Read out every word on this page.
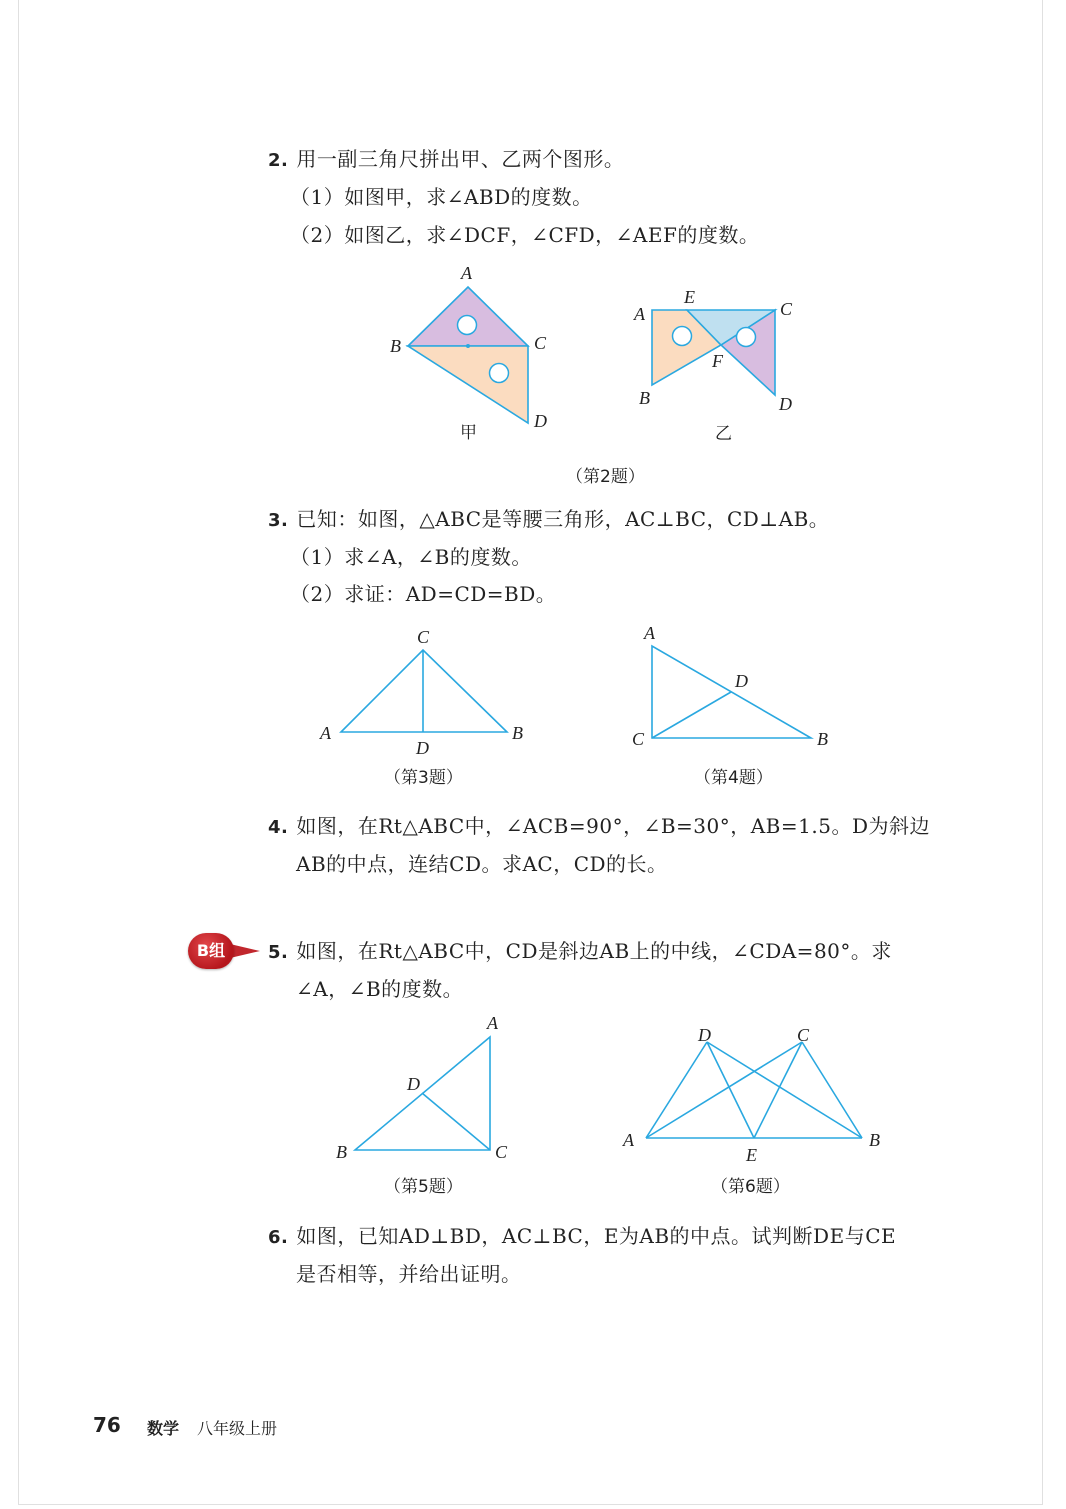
2. 用一副三角尺拼出甲、乙两个图形。
（1）如图甲，求∠ABD的度数。
（2）如图乙，求∠DCF，∠CFD，∠AEF的度数。
A
B	C
D
甲
A
B
C
D
E
F
乙
（第2题）
3. 已知：如图，△ABC是等腰三角形，AC⊥BC，CD⊥AB。
（1）求∠A，∠B的度数。
（2）求证：AD=CD=BD。
A	B
C
D
（第3题）
A
B
C
D
（第4题）
4. 如图，在Rt△ABC中，∠ACB=90°，∠B=30°，AB=1.5。D为斜边
AB的中点，连结CD。求AC，CD的长。
B组	5. 如图，在Rt△ABC中，CD是斜边AB上的中线，∠CDA=80°。求
∠A，∠B的度数。
A
B	C
D
（第5题）
A	B
C
D
E
（第6题）
6. 如图，已知AD⊥BD，AC⊥BC，E为AB的中点。试判断DE与CE
是否相等，并给出证明。
76 数学 八年级上册
